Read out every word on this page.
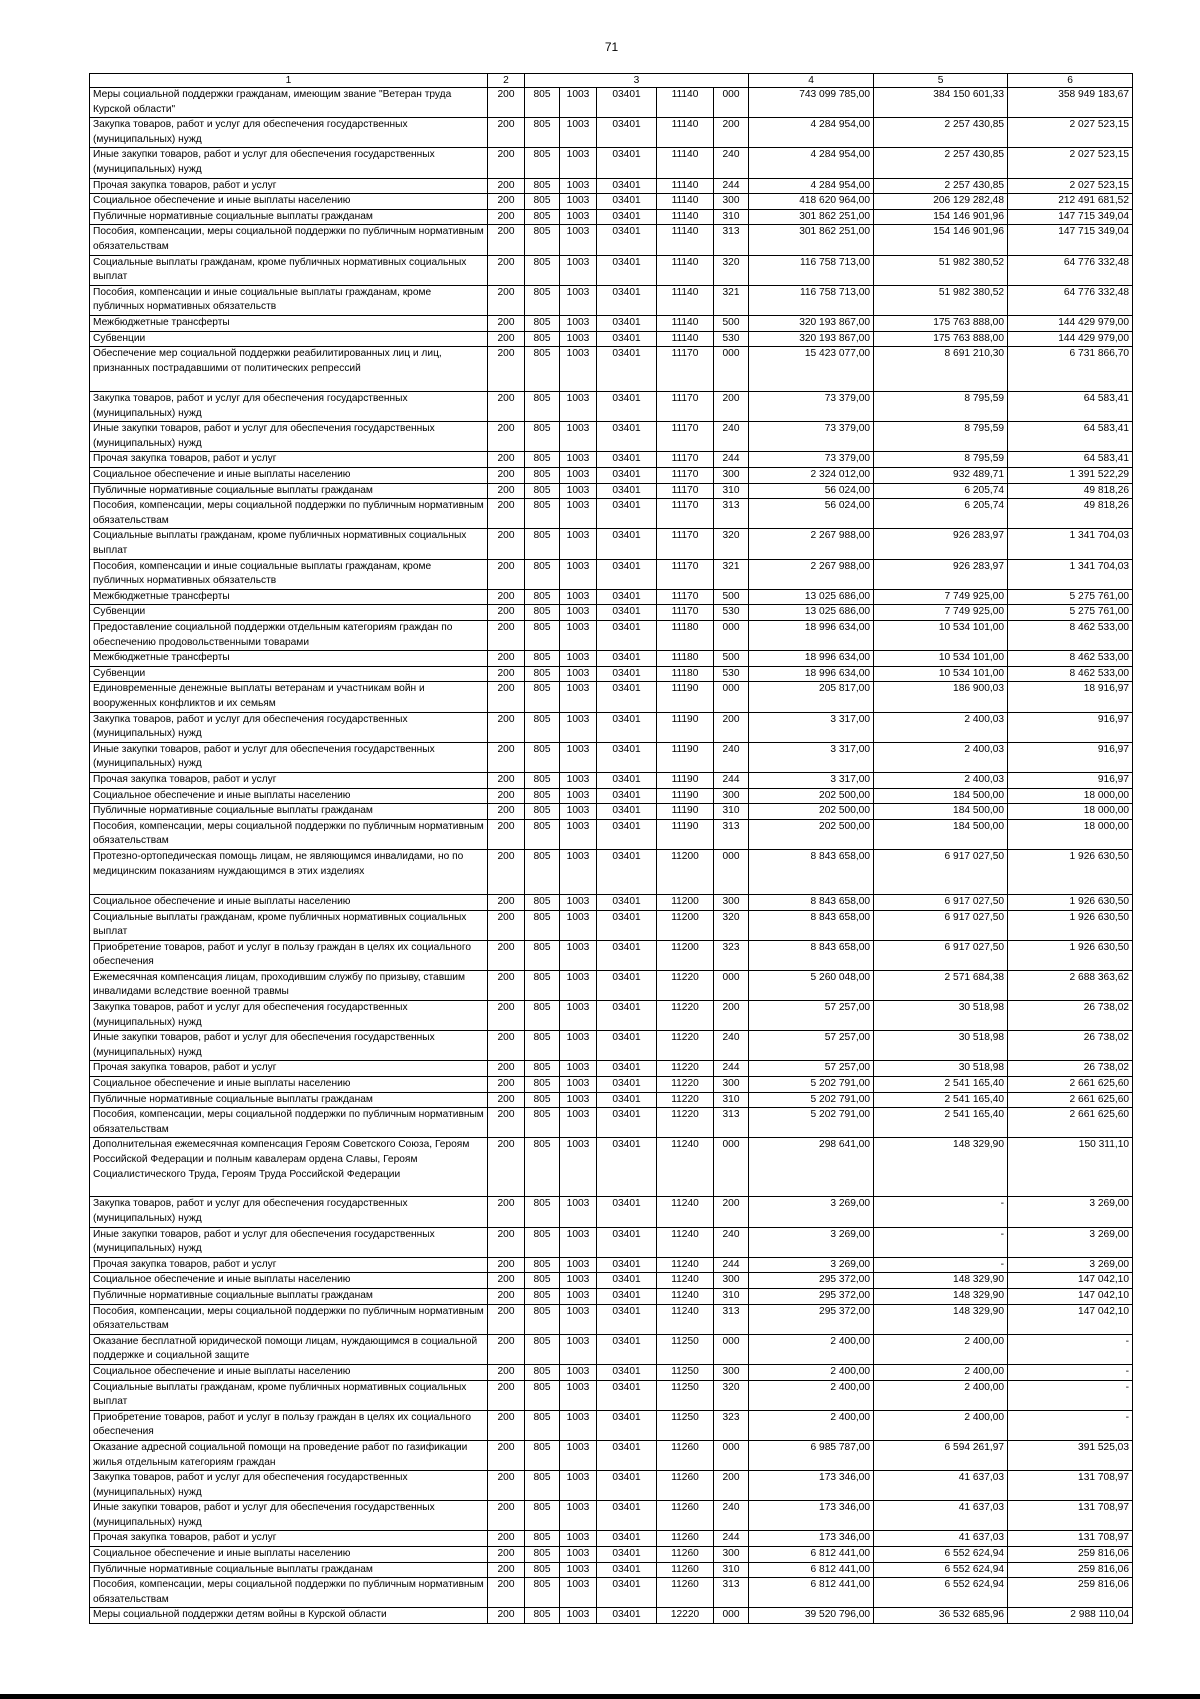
71
1	2	3					4	5	6
Меры социальной поддержки гражданам, имеющим звание "Ветеран труда Курской области"	200	805	1003	03401	11140	000	743 099 785,00	384 150 601,33	358 949 183,67
Закупка товаров, работ и услуг для обеспечения государственных (муниципальных) нужд	200	805	1003	03401	11140	200	4 284 954,00	2 257 430,85	2 027 523,15
Иные закупки товаров, работ и услуг для обеспечения государственных (муниципальных) нужд	200	805	1003	03401	11140	240	4 284 954,00	2 257 430,85	2 027 523,15
Прочая закупка товаров, работ и услуг	200	805	1003	03401	11140	244	4 284 954,00	2 257 430,85	2 027 523,15
Социальное обеспечение и иные выплаты населению	200	805	1003	03401	11140	300	418 620 964,00	206 129 282,48	212 491 681,52
Публичные нормативные социальные выплаты гражданам	200	805	1003	03401	11140	310	301 862 251,00	154 146 901,96	147 715 349,04
Пособия, компенсации, меры социальной поддержки по публичным нормативным обязательствам	200	805	1003	03401	11140	313	301 862 251,00	154 146 901,96	147 715 349,04
Социальные выплаты гражданам, кроме публичных нормативных социальных выплат	200	805	1003	03401	11140	320	116 758 713,00	51 982 380,52	64 776 332,48
Пособия, компенсации и иные социальные выплаты гражданам, кроме публичных нормативных обязательств	200	805	1003	03401	11140	321	116 758 713,00	51 982 380,52	64 776 332,48
Межбюджетные трансферты	200	805	1003	03401	11140	500	320 193 867,00	175 763 888,00	144 429 979,00
Субвенции	200	805	1003	03401	11140	530	320 193 867,00	175 763 888,00	144 429 979,00
Обеспечение мер социальной поддержки реабилитированных лиц и лиц, признанных пострадавшими от политических репрессий	200	805	1003	03401	11170	000	15 423 077,00	8 691 210,30	6 731 866,70
Закупка товаров, работ и услуг для обеспечения государственных (муниципальных) нужд	200	805	1003	03401	11170	200	73 379,00	8 795,59	64 583,41
Иные закупки товаров, работ и услуг для обеспечения государственных (муниципальных) нужд	200	805	1003	03401	11170	240	73 379,00	8 795,59	64 583,41
Прочая закупка товаров, работ и услуг	200	805	1003	03401	11170	244	73 379,00	8 795,59	64 583,41
Социальное обеспечение и иные выплаты населению	200	805	1003	03401	11170	300	2 324 012,00	932 489,71	1 391 522,29
Публичные нормативные социальные выплаты гражданам	200	805	1003	03401	11170	310	56 024,00	6 205,74	49 818,26
Пособия, компенсации, меры социальной поддержки по публичным нормативным обязательствам	200	805	1003	03401	11170	313	56 024,00	6 205,74	49 818,26
Социальные выплаты гражданам, кроме публичных нормативных социальных выплат	200	805	1003	03401	11170	320	2 267 988,00	926 283,97	1 341 704,03
Пособия, компенсации и иные социальные выплаты гражданам, кроме публичных нормативных обязательств	200	805	1003	03401	11170	321	2 267 988,00	926 283,97	1 341 704,03
Межбюджетные трансферты	200	805	1003	03401	11170	500	13 025 686,00	7 749 925,00	5 275 761,00
Субвенции	200	805	1003	03401	11170	530	13 025 686,00	7 749 925,00	5 275 761,00
Предоставление социальной поддержки отдельным категориям граждан по обеспечению продовольственными товарами	200	805	1003	03401	11180	000	18 996 634,00	10 534 101,00	8 462 533,00
Межбюджетные трансферты	200	805	1003	03401	11180	500	18 996 634,00	10 534 101,00	8 462 533,00
Субвенции	200	805	1003	03401	11180	530	18 996 634,00	10 534 101,00	8 462 533,00
Единовременные денежные выплаты ветеранам и участникам войн и вооруженных конфликтов и их семьям	200	805	1003	03401	11190	000	205 817,00	186 900,03	18 916,97
Закупка товаров, работ и услуг для обеспечения государственных (муниципальных) нужд	200	805	1003	03401	11190	200	3 317,00	2 400,03	916,97
Иные закупки товаров, работ и услуг для обеспечения государственных (муниципальных) нужд	200	805	1003	03401	11190	240	3 317,00	2 400,03	916,97
Прочая закупка товаров, работ и услуг	200	805	1003	03401	11190	244	3 317,00	2 400,03	916,97
Социальное обеспечение и иные выплаты населению	200	805	1003	03401	11190	300	202 500,00	184 500,00	18 000,00
Публичные нормативные социальные выплаты гражданам	200	805	1003	03401	11190	310	202 500,00	184 500,00	18 000,00
Пособия, компенсации, меры социальной поддержки по публичным нормативным обязательствам	200	805	1003	03401	11190	313	202 500,00	184 500,00	18 000,00
Протезно-ортопедическая помощь лицам, не являющимся инвалидами, но по медицинским показаниям нуждающимся в этих изделиях	200	805	1003	03401	11200	000	8 843 658,00	6 917 027,50	1 926 630,50
Социальное обеспечение и иные выплаты населению	200	805	1003	03401	11200	300	8 843 658,00	6 917 027,50	1 926 630,50
Социальные выплаты гражданам, кроме публичных нормативных социальных выплат	200	805	1003	03401	11200	320	8 843 658,00	6 917 027,50	1 926 630,50
Приобретение товаров, работ и услуг в пользу граждан в целях их социального обеспечения	200	805	1003	03401	11200	323	8 843 658,00	6 917 027,50	1 926 630,50
Ежемесячная компенсация лицам, проходившим службу по призыву, ставшим инвалидами вследствие военной травмы	200	805	1003	03401	11220	000	5 260 048,00	2 571 684,38	2 688 363,62
Закупка товаров, работ и услуг для обеспечения государственных (муниципальных) нужд	200	805	1003	03401	11220	200	57 257,00	30 518,98	26 738,02
Иные закупки товаров, работ и услуг для обеспечения государственных (муниципальных) нужд	200	805	1003	03401	11220	240	57 257,00	30 518,98	26 738,02
Прочая закупка товаров, работ и услуг	200	805	1003	03401	11220	244	57 257,00	30 518,98	26 738,02
Социальное обеспечение и иные выплаты населению	200	805	1003	03401	11220	300	5 202 791,00	2 541 165,40	2 661 625,60
Публичные нормативные социальные выплаты гражданам	200	805	1003	03401	11220	310	5 202 791,00	2 541 165,40	2 661 625,60
Пособия, компенсации, меры социальной поддержки по публичным нормативным обязательствам	200	805	1003	03401	11220	313	5 202 791,00	2 541 165,40	2 661 625,60
Дополнительная ежемесячная компенсация Героям Советского Союза, Героям Российской Федерации и полным кавалерам ордена Славы, Героям Социалистического Труда, Героям Труда Российской Федерации	200	805	1003	03401	11240	000	298 641,00	148 329,90	150 311,10
Закупка товаров, работ и услуг для обеспечения государственных (муниципальных) нужд	200	805	1003	03401	11240	200	3 269,00	-	3 269,00
Иные закупки товаров, работ и услуг для обеспечения государственных (муниципальных) нужд	200	805	1003	03401	11240	240	3 269,00	-	3 269,00
Прочая закупка товаров, работ и услуг	200	805	1003	03401	11240	244	3 269,00	-	3 269,00
Социальное обеспечение и иные выплаты населению	200	805	1003	03401	11240	300	295 372,00	148 329,90	147 042,10
Публичные нормативные социальные выплаты гражданам	200	805	1003	03401	11240	310	295 372,00	148 329,90	147 042,10
Пособия, компенсации, меры социальной поддержки по публичным нормативным обязательствам	200	805	1003	03401	11240	313	295 372,00	148 329,90	147 042,10
Оказание бесплатной юридической помощи лицам, нуждающимся в социальной поддержке и социальной защите	200	805	1003	03401	11250	000	2 400,00	2 400,00	-
Социальное обеспечение и иные выплаты населению	200	805	1003	03401	11250	300	2 400,00	2 400,00	-
Социальные выплаты гражданам, кроме публичных нормативных социальных выплат	200	805	1003	03401	11250	320	2 400,00	2 400,00	-
Приобретение товаров, работ и услуг в пользу граждан в целях их социального обеспечения	200	805	1003	03401	11250	323	2 400,00	2 400,00	-
Оказание адресной социальной помощи на проведение работ по газификации жилья отдельным категориям граждан	200	805	1003	03401	11260	000	6 985 787,00	6 594 261,97	391 525,03
Закупка товаров, работ и услуг для обеспечения государственных (муниципальных) нужд	200	805	1003	03401	11260	200	173 346,00	41 637,03	131 708,97
Иные закупки товаров, работ и услуг для обеспечения государственных (муниципальных) нужд	200	805	1003	03401	11260	240	173 346,00	41 637,03	131 708,97
Прочая закупка товаров, работ и услуг	200	805	1003	03401	11260	244	173 346,00	41 637,03	131 708,97
Социальное обеспечение и иные выплаты населению	200	805	1003	03401	11260	300	6 812 441,00	6 552 624,94	259 816,06
Публичные нормативные социальные выплаты гражданам	200	805	1003	03401	11260	310	6 812 441,00	6 552 624,94	259 816,06
Пособия, компенсации, меры социальной поддержки по публичным нормативным обязательствам	200	805	1003	03401	11260	313	6 812 441,00	6 552 624,94	259 816,06
Меры социальной поддержки детям войны в Курской области	200	805	1003	03401	12220	000	39 520 796,00	36 532 685,96	2 988 110,04
